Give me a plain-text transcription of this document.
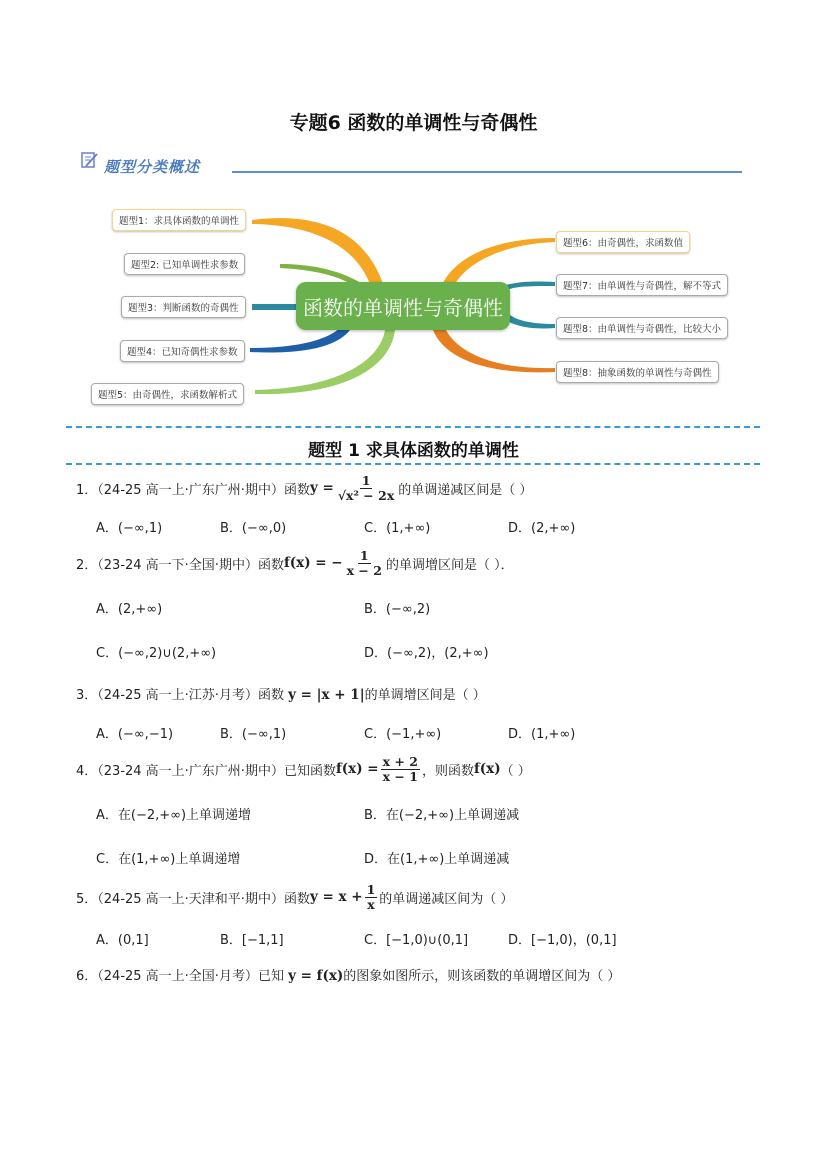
专题6 函数的单调性与奇偶性
题型分类概述
函数的单调性与奇偶性
题型1：求具体函数的单调性
题型2: 已知单调性求参数
题型3：判断函数的奇偶性
题型4：已知奇偶性求参数
题型5：由奇偶性，求函数解析式
题型6：由奇偶性，求函数值
题型7：由单调性与奇偶性，解不等式
题型8：由单调性与奇偶性，比较大小
题型8：抽象函数的单调性与奇偶性
题型 1 求具体函数的单调性
1．（24-25 高一上·广东广州·期中）函数 $y = \frac{1}{\text{√x² − 2x}}$ 的单调递减区间是（ ）
A．(−∞,1)	B．(−∞,0)	C．(1,+∞)	D．(2,+∞)
2．（23-24 高一下·全国·期中）函数 f(x) = − $\frac{1}{x - 2}$ 的单调增区间是（ ）．
A．(2,+∞)	B．(−∞,2)
C．(−∞,2)∪(2,+∞)	D．(−∞,2)，(2,+∞)
3．（24-25 高一上·江苏·月考）函数 y = |x + 1|的单调增区间是（ ）
A．(−∞,−1)	B．(−∞,1)	C．(−1,+∞)	D．(1,+∞)
4．（23-24 高一上·广东广州·期中）已知函数 $f(x) = \frac{x + 2}{x - 1}$ ，则函数 f(x) （ ）
A．在(−2,+∞)上单调递增	B．在(−2,+∞)上单调递减
C．在(1,+∞)上单调递增	D．在(1,+∞)上单调递减
5．（24-25 高一上·天津和平·期中）函数 $y = x + \frac{1}{x}$ 的单调递减区间为（ ）
A．(0,1]	B．[−1,1]	C．[−1,0)∪(0,1]	D．[−1,0)，(0,1]
6．（24-25 高一上·全国·月考）已知 y = f(x)的图象如图所示，则该函数的单调增区间为（ ）
